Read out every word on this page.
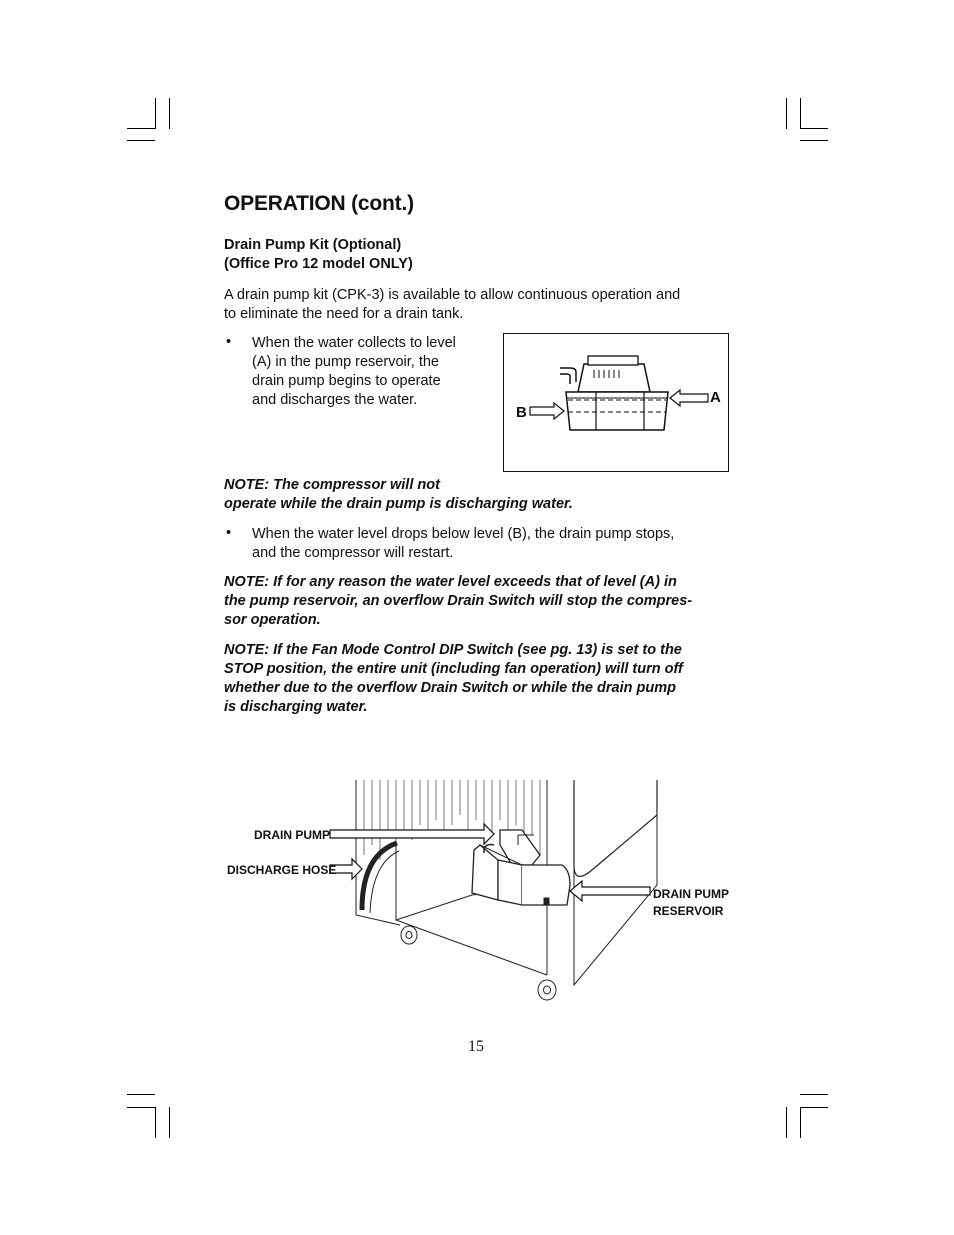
OPERATION (cont.)
Drain Pump Kit (Optional)
(Office Pro 12 model ONLY)
A drain pump kit (CPK-3) is available to allow continuous operation and
to eliminate the need for a drain tank.
• When the water collects to level
(A) in the pump reservoir, the
drain pump begins to operate
and discharges the water.	A
B
NOTE: The compressor will not
operate while the drain pump is discharging water.
• When the water level drops below level (B), the drain pump stops,
and the compressor will restart.
NOTE: If for any reason the water level exceeds that of level (A) in
the pump reservoir, an overflow Drain Switch will stop the compres-
sor operation.
NOTE: If the Fan Mode Control DIP Switch (see pg. 13) is set to the
STOP position, the entire unit (including fan operation) will turn off
whether due to the overflow Drain Switch or while the drain pump
is discharging water.
DRAIN PUMP
DISCHARGE HOSE
DRAIN PUMP
RESERVOIR
15
